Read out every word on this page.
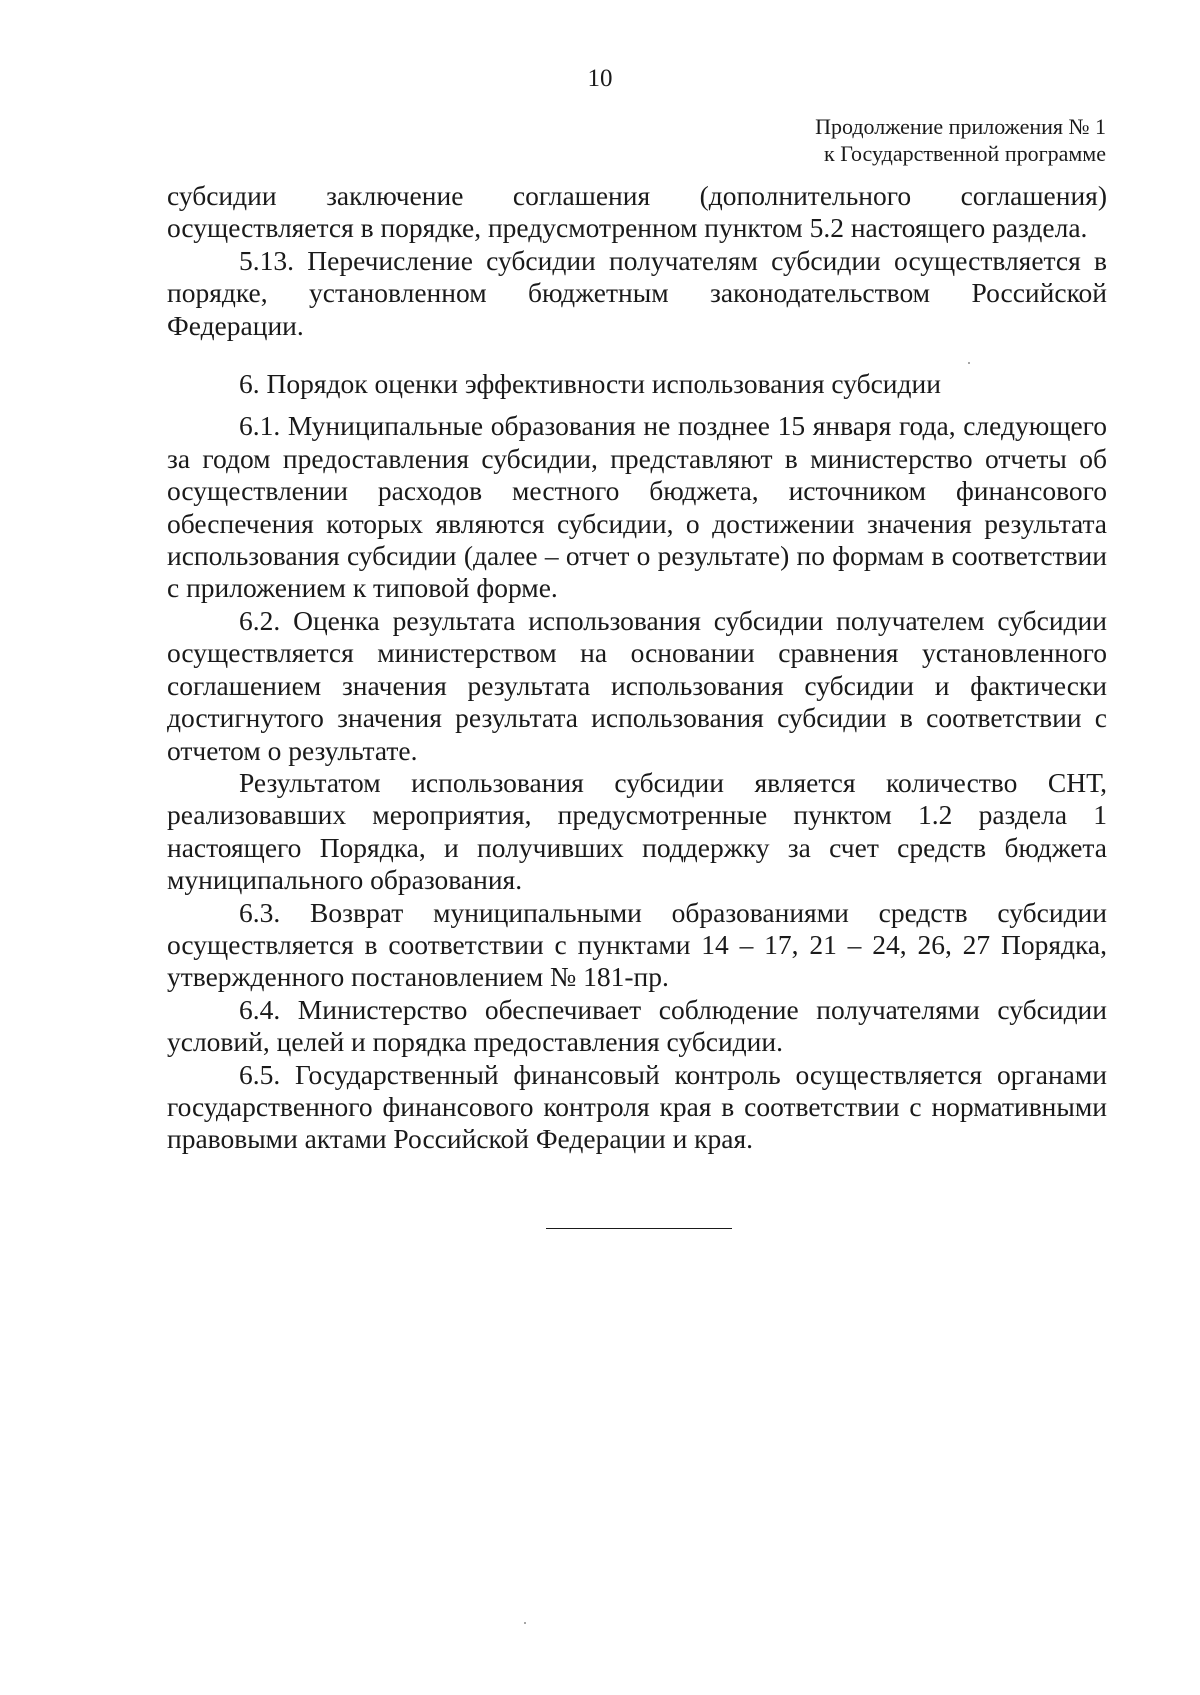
10
Продолжение приложения № 1
к Государственной программе

субсидии заключение соглашения (дополнительного соглашения) осуществляется в порядке, предусмотренном пунктом 5.2 настоящего раздела.

5.13. Перечисление субсидии получателям субсидии осуществляется в порядке, установленном бюджетным законодательством Российской Федерации.

6. Порядок оценки эффективности использования субсидии

6.1. Муниципальные образования не позднее 15 января года, следующего за годом предоставления субсидии, представляют в министерство отчеты об осуществлении расходов местного бюджета, источником финансового обеспечения которых являются субсидии, о достижении значения результата использования субсидии (далее – отчет о результате) по формам в соответствии с приложением к типовой форме.

6.2. Оценка результата использования субсидии получателем субсидии осуществляется министерством на основании сравнения установленного соглашением значения результата использования субсидии и фактически достигнутого значения результата использования субсидии в соответствии с отчетом о результате.

Результатом использования субсидии является количество СНТ, реализовавших мероприятия, предусмотренные пунктом 1.2 раздела 1 настоящего Порядка, и получивших поддержку за счет средств бюджета муниципального образования.

6.3. Возврат муниципальными образованиями средств субсидии осуществляется в соответствии с пунктами 14 – 17, 21 – 24, 26, 27 Порядка, утвержденного постановлением № 181-пр.

6.4. Министерство обеспечивает соблюдение получателями субсидии условий, целей и порядка предоставления субсидии.

6.5. Государственный финансовый контроль осуществляется органами государственного финансового контроля края в соответствии с нормативными правовыми актами Российской Федерации и края.
